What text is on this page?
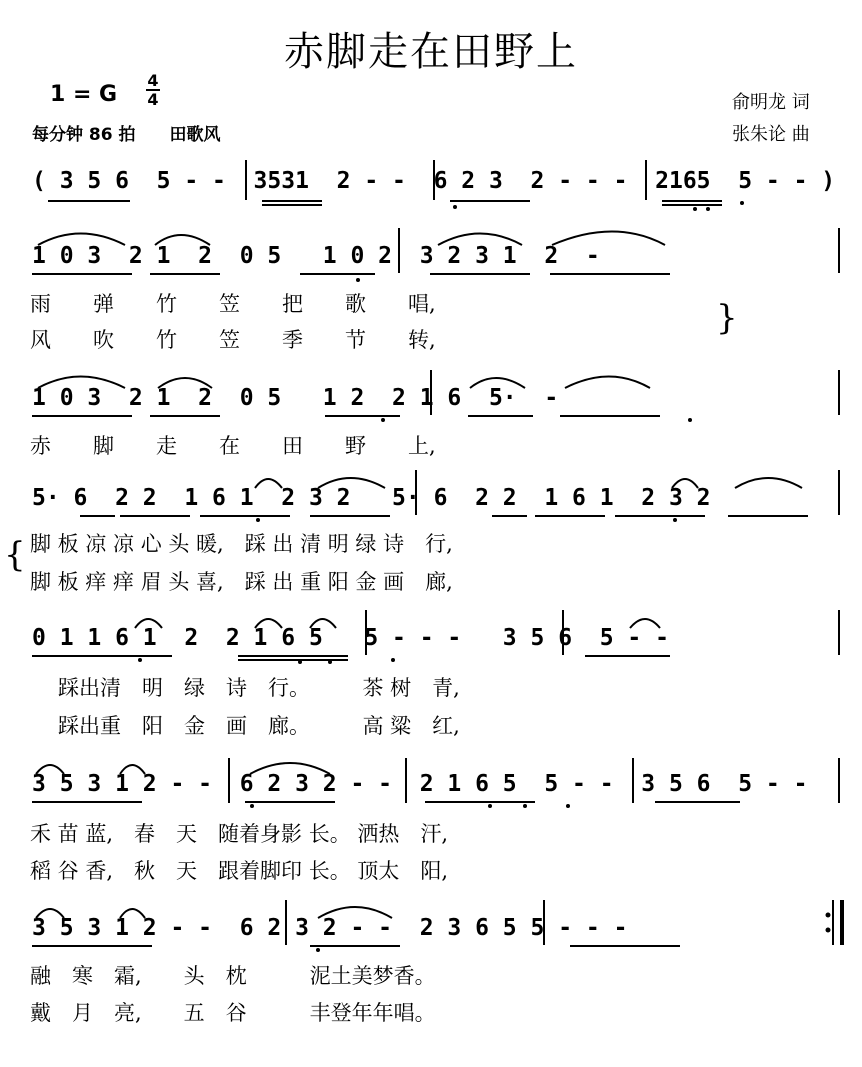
赤脚走在田野上
1 = G
4
4
每分钟 86 拍　　田歌风
俞明龙 词
张朱论 曲
( 3 5 6  5 - -  3531  2 - -  6 2 3  2 - - -  2165  5 - - )
1 0 3  2 1  2  0 5   1 0 2  3 2 3 1  2  -
雨　　弹　　竹　　笠　　把　　歌　　唱,
风　　吹　　竹　　笠　　季　　节　　转,
}
1 0 3  2 1  2  0 5   1 2  2 1 6  5·  -
赤　　脚　　走　　在　　田　　野　　上,
5· 6  2 2  1 6 1  2 3 2   5· 6  2 2  1 6 1  2 3 2
{ 脚 板 凉 凉 心 头 暖,　踩 出 清 明 绿 诗　行,
脚 板 痒 痒 眉 头 喜,　踩 出 重 阳 金 画　廊,
0 1 1 6 1  2  2 1 6 5   5 - - -   3 5 6  5 - -
踩出清　明　绿　诗　行。　　　茶 树　青,
踩出重　阳　金　画　廊。　　　高 粱　红,
3 5 3 1 2 - -  6 2 3 2 - -  2 1 6 5  5 - -  3 5 6  5 - -
禾 苗 蓝,　春　天　随着身影 长。 洒热　汗,
稻 谷 香,　秋　天　跟着脚印 长。 顶太　阳,
3 5 3 1 2 - -  6 2 3 2 - -  2 3 6 5 5 - - -
融　寒　霜,　　头　枕　　　泥土美梦香。
戴　月　亮,　　五　谷　　　丰登年年唱。
